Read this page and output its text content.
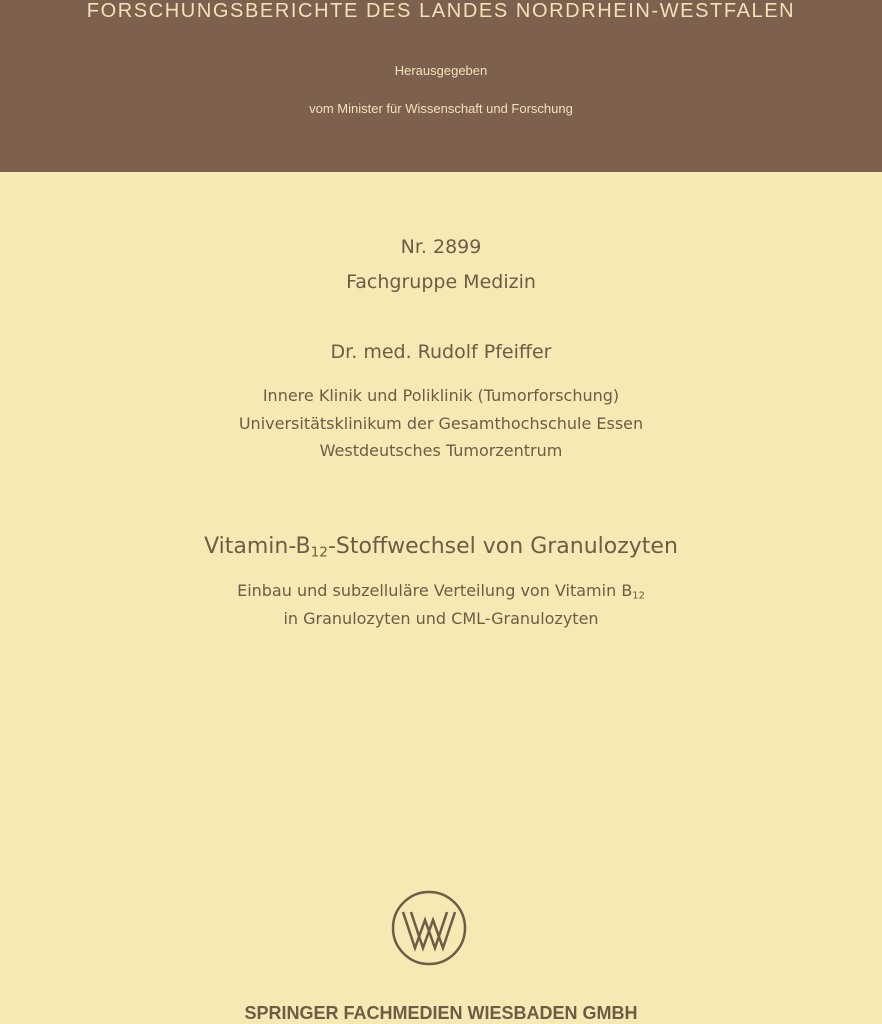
FORSCHUNGSBERICHTE DES LANDES NORDRHEIN-WESTFALEN
Herausgegeben
vom Minister für Wissenschaft und Forschung
Nr. 2899
Fachgruppe Medizin
Dr. med. Rudolf Pfeiffer
Innere Klinik und Poliklinik (Tumorforschung)
Universitätsklinikum der Gesamthochschule Essen
Westdeutsches Tumorzentrum
Vitamin-B12-Stoffwechsel von Granulozyten
Einbau und subzelluläre Verteilung von Vitamin B12
in Granulozyten und CML-Granulozyten
SPRINGER FACHMEDIEN WIESBADEN GMBH
